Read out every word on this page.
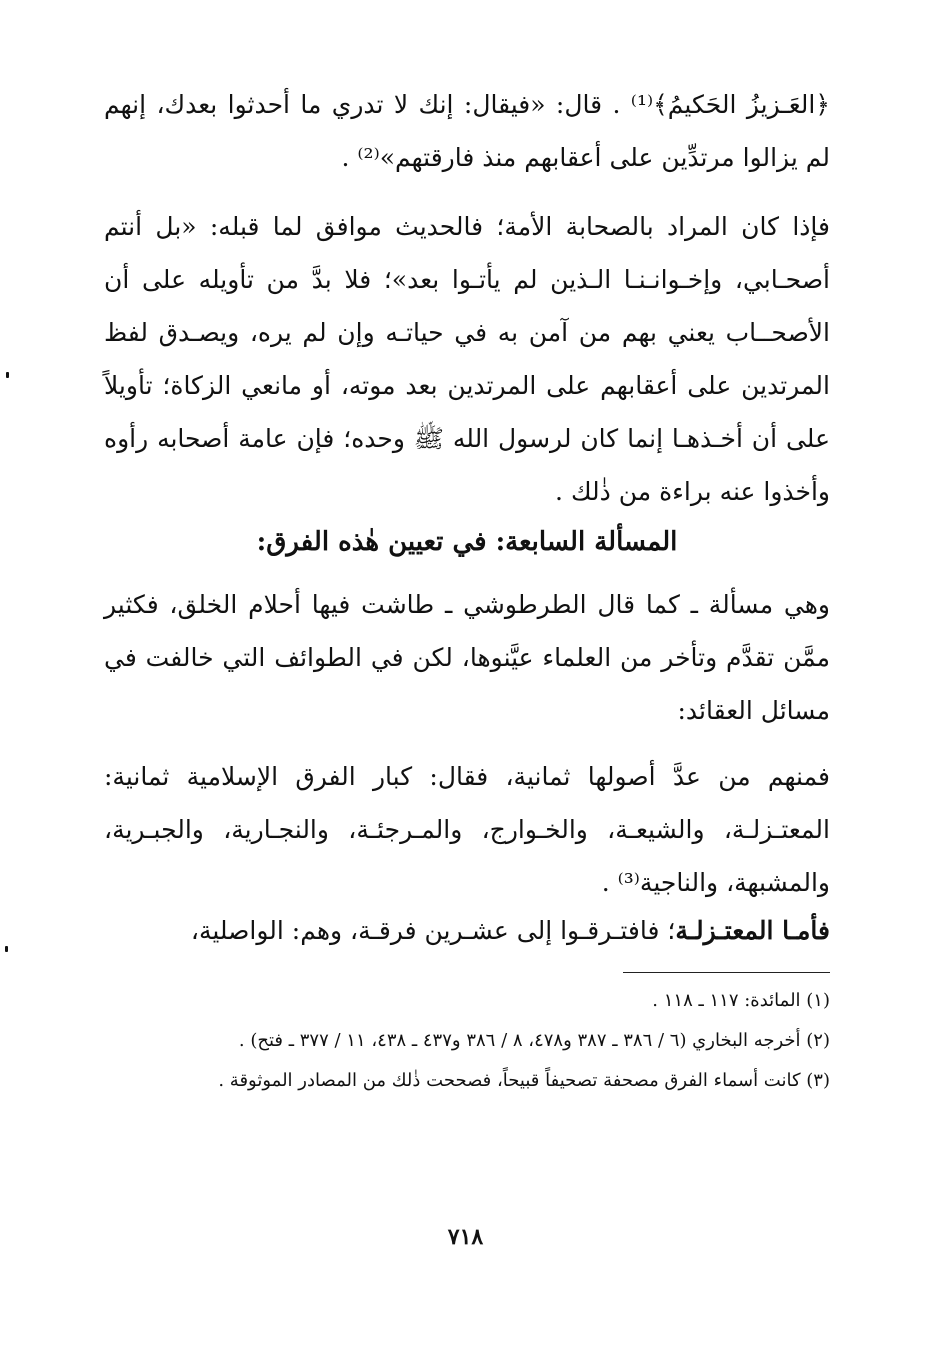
﴿العَـزيزُ الحَكيمُ﴾⁽¹⁾ . قال: «فيقال: إنك لا تدري ما أحدثوا بعدك، إنهم لم يزالوا مرتدِّين على أعقابهم منذ فارقتهم»⁽²⁾ .
فإذا كان المراد بالصحابة الأمة؛ فالحديث موافق لما قبله: «بل أنتم أصحـابي، وإخـوانـنـا الـذين لم يأتـوا بعد»؛ فلا بدَّ من تأويله على أن الأصحــاب يعني بهم من آمن به في حياتـه وإن لم يره، ويصـدق لفظ المرتدين على أعقابهم على المرتدين بعد موته، أو مانعي الزكاة؛ تأويلاً على أن أخـذهـا إنما كان لرسول الله ﷺ وحده؛ فإن عامة أصحابه رأوه وأخذوا عنه براءة من ذٰلك .
المسألة السابعة: في تعيين هٰذه الفرق:
وهي مسألة ـ كما قال الطرطوشي ـ طاشت فيها أحلام الخلق، فكثير ممَّن تقدَّم وتأخر من العلماء عيَّنوها، لكن في الطوائف التي خالفت في مسائل العقائد:
فمنهم من عدَّ أصولها ثمانية، فقال: كبار الفرق الإسلامية ثمانية: المعتـزلـة، والشيعـة، والخـوارج، والمـرجئـة، والنجـارية، والجبـرية، والمشبهة، والناجية⁽³⁾ .
فأمـا المعتـزلـة؛ فافتـرقـوا إلى عشـرين فرقـة، وهم: الواصلية،

(١) المائدة: ١١٧ ـ ١١٨ .

(٢) أخرجه البخاري (٦ / ٣٨٦ ـ ٣٨٧ و٤٧٨، ٨ / ٣٨٦ و٤٣٧ ـ ٤٣٨، ١١ / ٣٧٧ ـ فتح) .

(٣) كانت أسماء الفرق مصحفة تصحيفاً قبيحاً، فصححت ذٰلك من المصادر الموثوقة .

٧١٨
